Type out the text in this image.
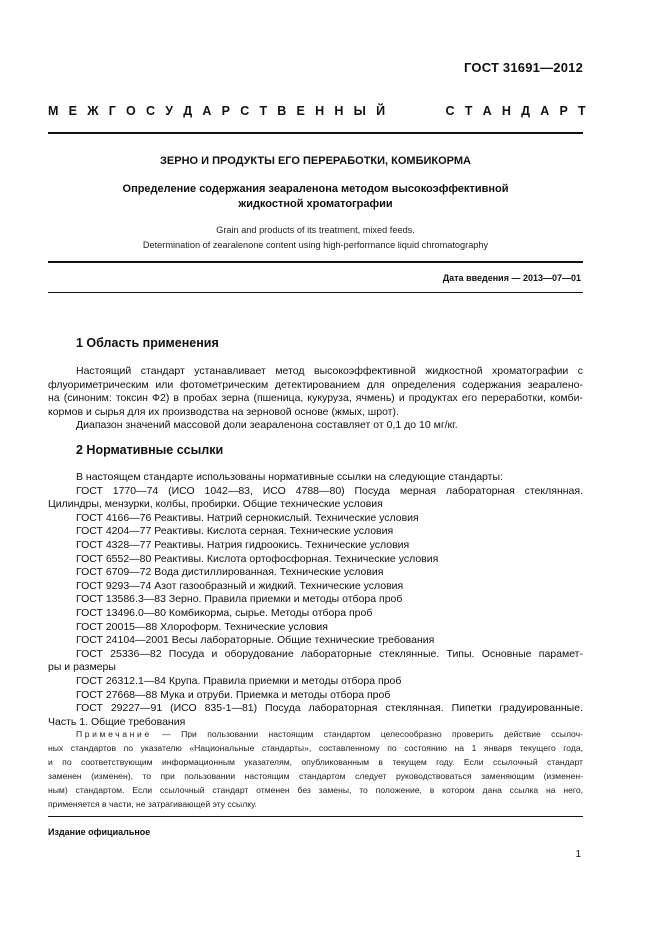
ГОСТ 31691—2012
М Е Ж Г О С У Д А Р С Т В Е Н Н Ы Й	С Т А Н Д А Р Т
ЗЕРНО И ПРОДУКТЫ ЕГО ПЕРЕРАБОТКИ, КОМБИКОРМА
Определение содержания зеараленона методом высокоэффективной
жидкостной хроматографии
Grain and products of its treatment, mixed feeds.
Determination of zearalenone content using high-performance liquid chromatography
Дата введения — 2013—07—01
1 Область применения
Настоящий стандарт устанавливает метод высокоэффективной жидкостной хроматографии с
флуориметрическим или фотометрическим детектированием для определения содержания зеаралено-
на (синоним: токсин Ф2) в пробах зерна (пшеница, кукуруза, ячмень) и продуктах его переработки, комби-
кормов и сырья для их производства на зерновой основе (жмых, шрот).
Диапазон значений массовой доли зеараленона составляет от 0,1 до 10 мг/кг.
2 Нормативные ссылки
В настоящем стандарте использованы нормативные ссылки на следующие стандарты:
ГОСТ 1770—74 (ИСО 1042—83, ИСО 4788—80) Посуда мерная лабораторная стеклянная.
Цилиндры, мензурки, колбы, пробирки. Общие технические условия
ГОСТ 4166—76 Реактивы. Натрий сернокислый. Технические условия
ГОСТ 4204—77 Реактивы. Кислота серная. Технические условия
ГОСТ 4328—77 Реактивы. Натрия гидроокись. Технические условия
ГОСТ 6552—80 Реактивы. Кислота ортофосфорная. Технические условия
ГОСТ 6709—72 Вода дистиллированная. Технические условия
ГОСТ 9293—74 Азот газообразный и жидкий. Технические условия
ГОСТ 13586.3—83 Зерно. Правила приемки и методы отбора проб
ГОСТ 13496.0—80 Комбикорма, сырье. Методы отбора проб
ГОСТ 20015—88 Хлороформ. Технические условия
ГОСТ 24104—2001 Весы лабораторные. Общие технические требования
ГОСТ 25336—82 Посуда и оборудование лабораторные стеклянные. Типы. Основные парамет-
ры и размеры
ГОСТ 26312.1—84 Крупа. Правила приемки и методы отбора проб
ГОСТ 27668—88 Мука и отруби. Приемка и методы отбора проб
ГОСТ 29227—91 (ИСО 835-1—81) Посуда лабораторная стеклянная. Пипетки градуированные.
Часть 1. Общие требования
Примечание — При пользовании настоящим стандартом целесообразно проверить действие ссылоч-
ных стандартов по указателю «Национальные стандарты», составленному по состоянию на 1 января текущего года,
и по соответствующим информационным указателям, опубликованным в текущем году. Если ссылочный стандарт
заменен (изменен), то при пользовании настоящим стандартом следует руководствоваться заменяющим (изменен-
ным) стандартом. Если ссылочный стандарт отменен без замены, то положение, в котором дана ссылка на него,
применяется в части, не затрагивающей эту ссылку.
Издание официальное
1
